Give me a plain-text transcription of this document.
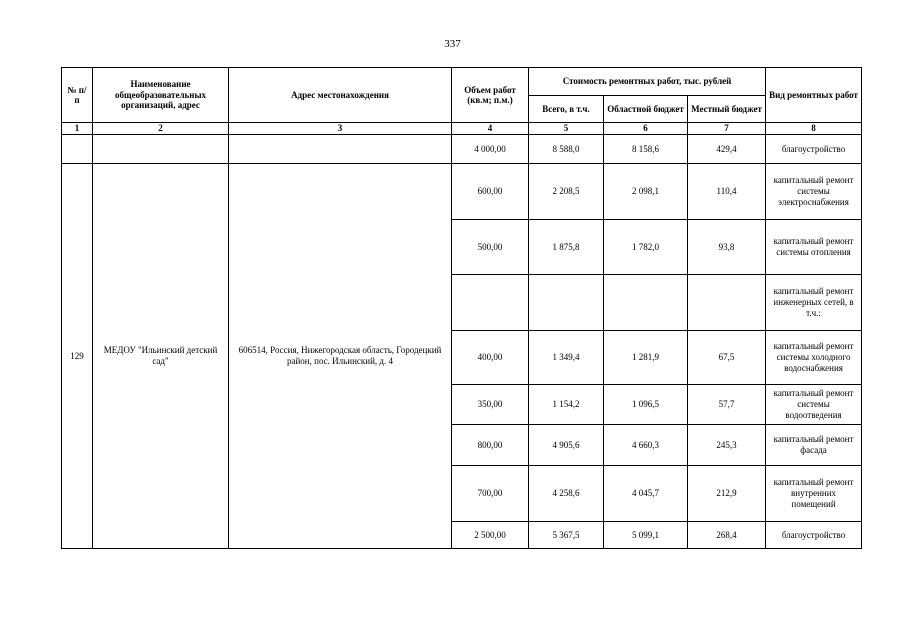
337
№ п/п	Наименование общеобразовательных организаций, адрес	Адрес местонахождения	Объем работ (кв.м; п.м.)	Стоимость ремонтных работ, тыс. рублей			Вид ремонтных работ
				Всего, в т.ч.	Областной бюджет	Местный бюджет	
1	2	3	4	5	6	7	8
			4 000,00	8 588,0	8 158,6	429,4	благоустройство
129	МЕДОУ "Ильинский детский сад"	606514, Россия, Нижегородская область, Городецкий район, пос. Ильинский, д. 4	600,00	2 208,5	2 098,1	110,4	капитальный ремонт системы электроснабжения
			500,00	1 875,8	1 782,0	93,8	капитальный ремонт системы отопления
							капитальный ремонт инженерных сетей, в т.ч.:
			400,00	1 349,4	1 281,9	67,5	капитальный ремонт системы холодного водоснабжения
			350,00	1 154,2	1 096,5	57,7	капитальный ремонт системы водоотведения
			800,00	4 905,6	4 660,3	245,3	капитальный ремонт фасада
			700,00	4 258,6	4 045,7	212,9	капитальный ремонт внутренних помещений
			2 500,00	5 367,5	5 099,1	268,4	благоустройство
